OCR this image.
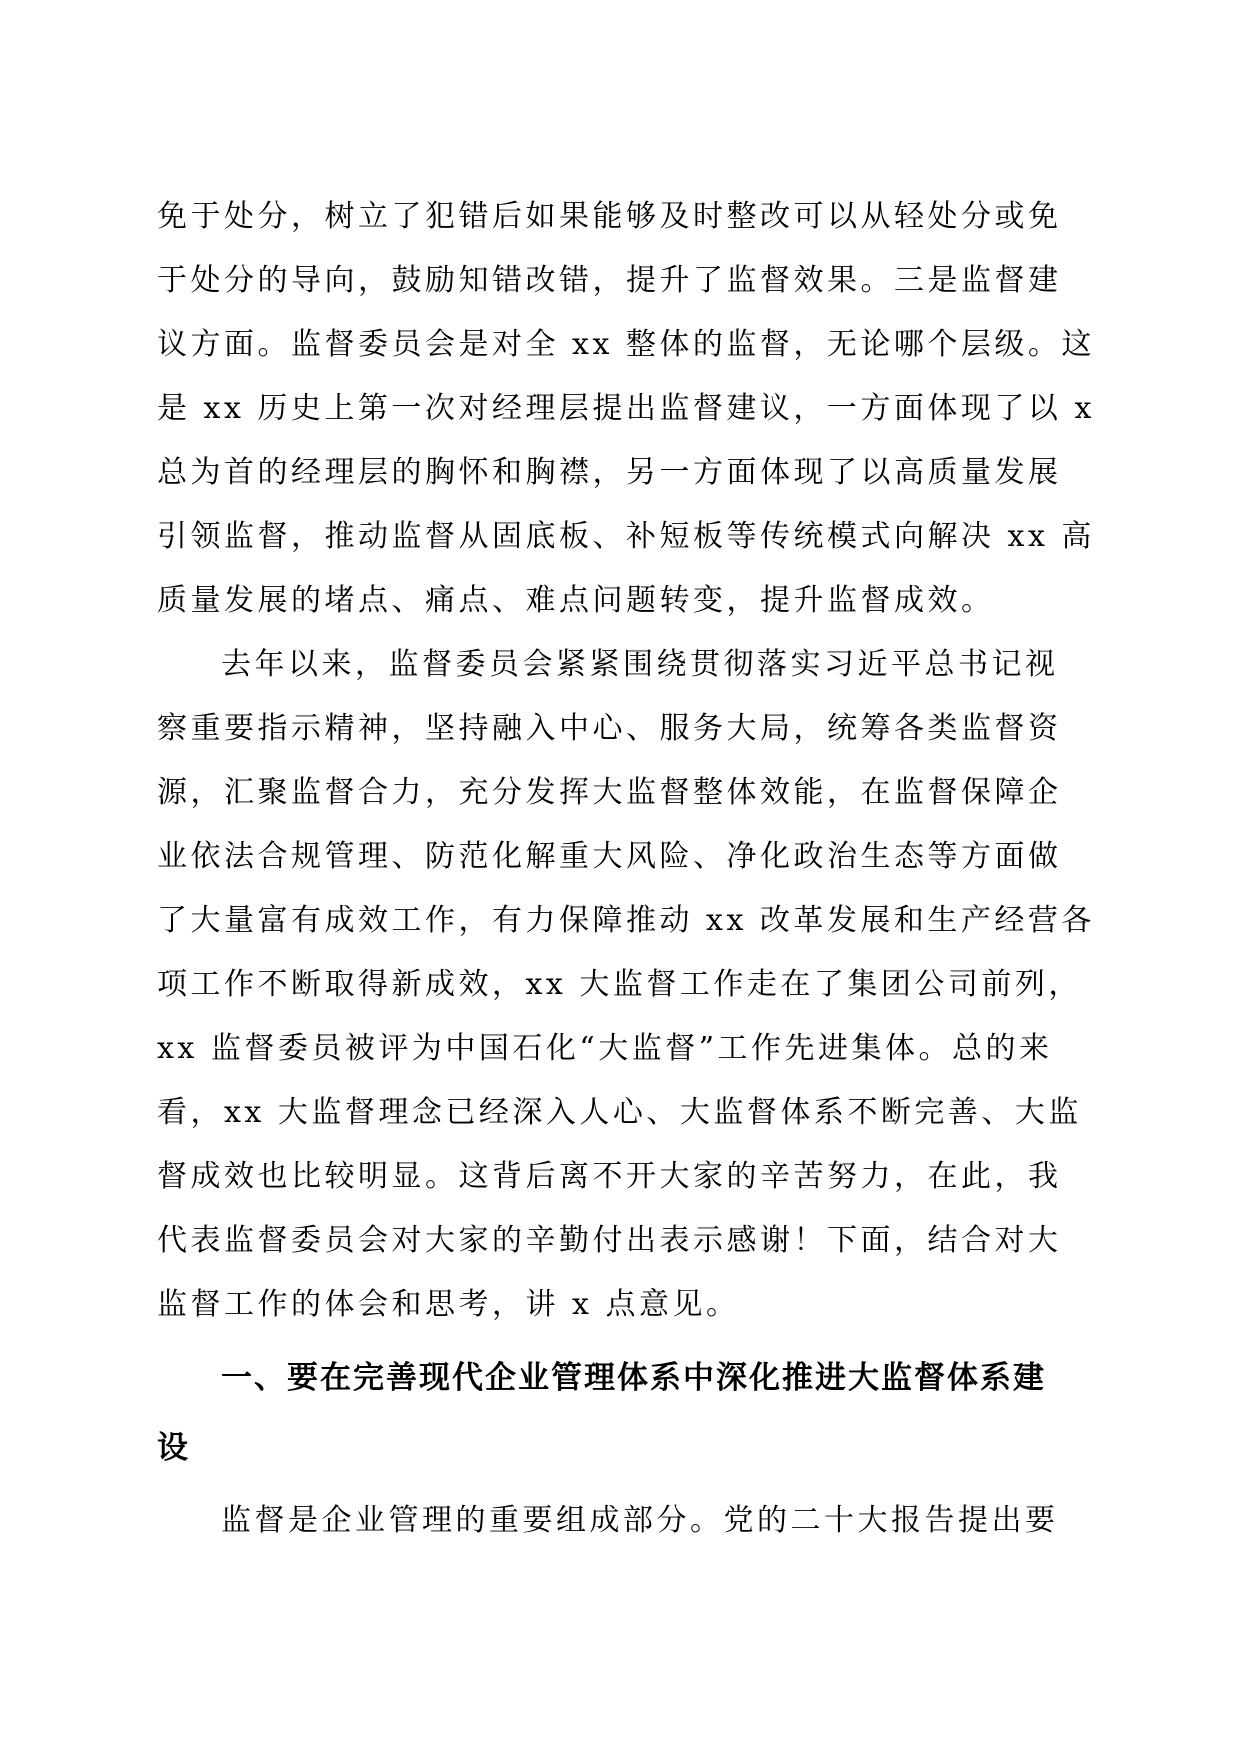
免于处分，树立了犯错后如果能够及时整改可以从轻处分或免
于处分的导向，鼓励知错改错，提升了监督效果。三是监督建
议方面。监督委员会是对全 xx 整体的监督，无论哪个层级。这
是 xx 历史上第一次对经理层提出监督建议，一方面体现了以 x
总为首的经理层的胸怀和胸襟，另一方面体现了以高质量发展
引领监督，推动监督从固底板、补短板等传统模式向解决 xx 高
质量发展的堵点、痛点、难点问题转变，提升监督成效。
去年以来，监督委员会紧紧围绕贯彻落实习近平总书记视
察重要指示精神，坚持融入中心、服务大局，统筹各类监督资
源，汇聚监督合力，充分发挥大监督整体效能，在监督保障企
业依法合规管理、防范化解重大风险、净化政治生态等方面做
了大量富有成效工作，有力保障推动 xx 改革发展和生产经营各
项工作不断取得新成效，xx 大监督工作走在了集团公司前列，
xx 监督委员被评为中国石化“大监督”工作先进集体。总的来
看，xx 大监督理念已经深入人心、大监督体系不断完善、大监
督成效也比较明显。这背后离不开大家的辛苦努力，在此，我
代表监督委员会对大家的辛勤付出表示感谢！下面，结合对大
监督工作的体会和思考，讲 x 点意见。
一、要在完善现代企业管理体系中深化推进大监督体系建
设
监督是企业管理的重要组成部分。党的二十大报告提出要
